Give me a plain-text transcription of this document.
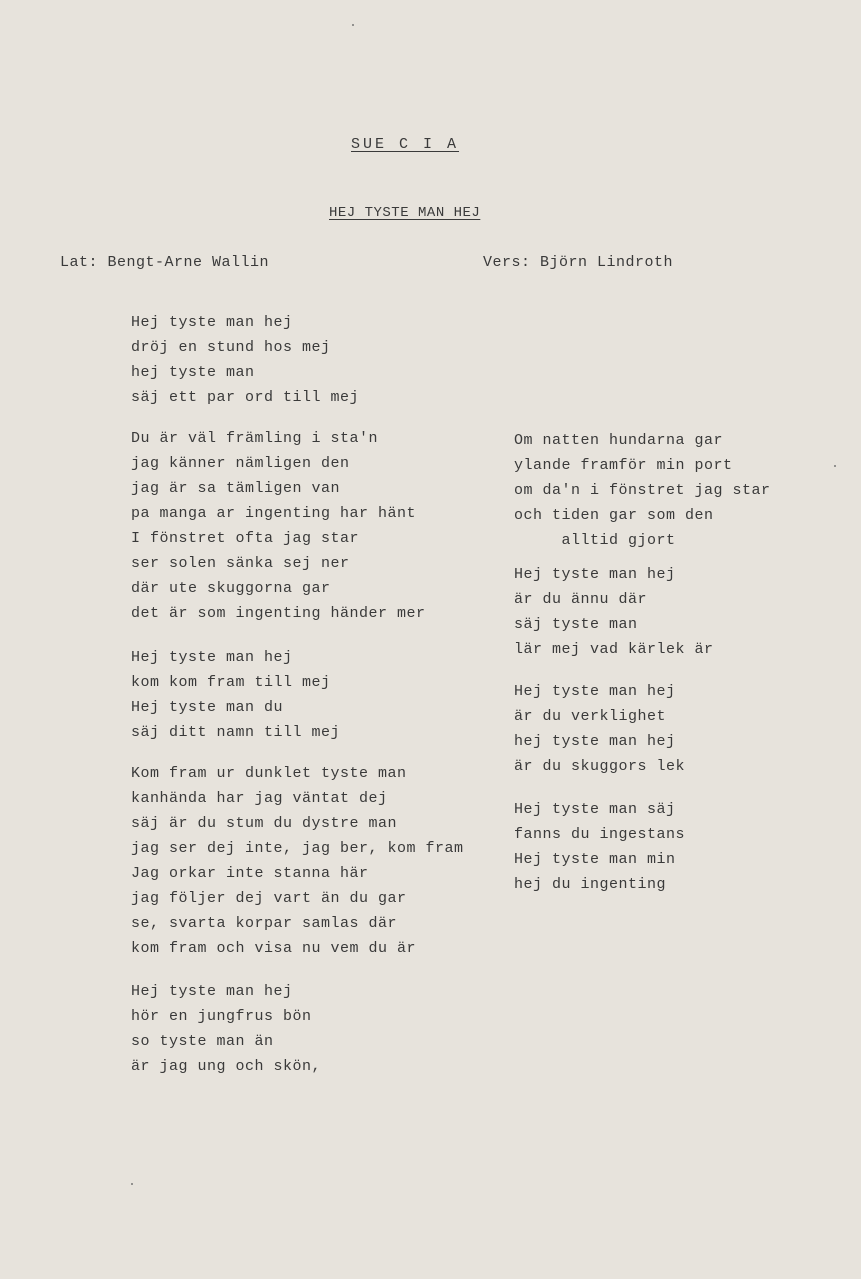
SUE C I A
HEJ TYSTE MAN HEJ
Lat: Bengt-Arne Wallin	Vers: Björn Lindroth
Hej tyste man hej
dröj en stund hos mej
hej tyste man
säj ett par ord till mej
Du är väl främling i sta'n
jag känner nämligen den
jag är sa tämligen van
pa manga ar ingenting har hänt
I fönstret ofta jag star
ser solen sänka sej ner
där ute skuggorna gar
det är som ingenting händer mer
Hej tyste man hej
kom kom fram till mej
Hej tyste man du
säj ditt namn till mej
Kom fram ur dunklet tyste man
kanhända har jag väntat dej
säj är du stum du dystre man
jag ser dej inte, jag ber, kom fram
Jag orkar inte stanna här
jag följer dej vart än du gar
se, svarta korpar samlas där
kom fram och visa nu vem du är
Hej tyste man hej
hör en jungfrus bön
so tyste man än
är jag ung och skön,
Om natten hundarna gar
ylande framför min port
om da'n i fönstret jag star
och tiden gar som den
alltid gjort
Hej tyste man hej
är du ännu där
säj tyste man
lär mej vad kärlek är
Hej tyste man hej
är du verklighet
hej tyste man hej
är du skuggors lek
Hej tyste man säj
fanns du ingestans
Hej tyste man min
hej du ingenting
